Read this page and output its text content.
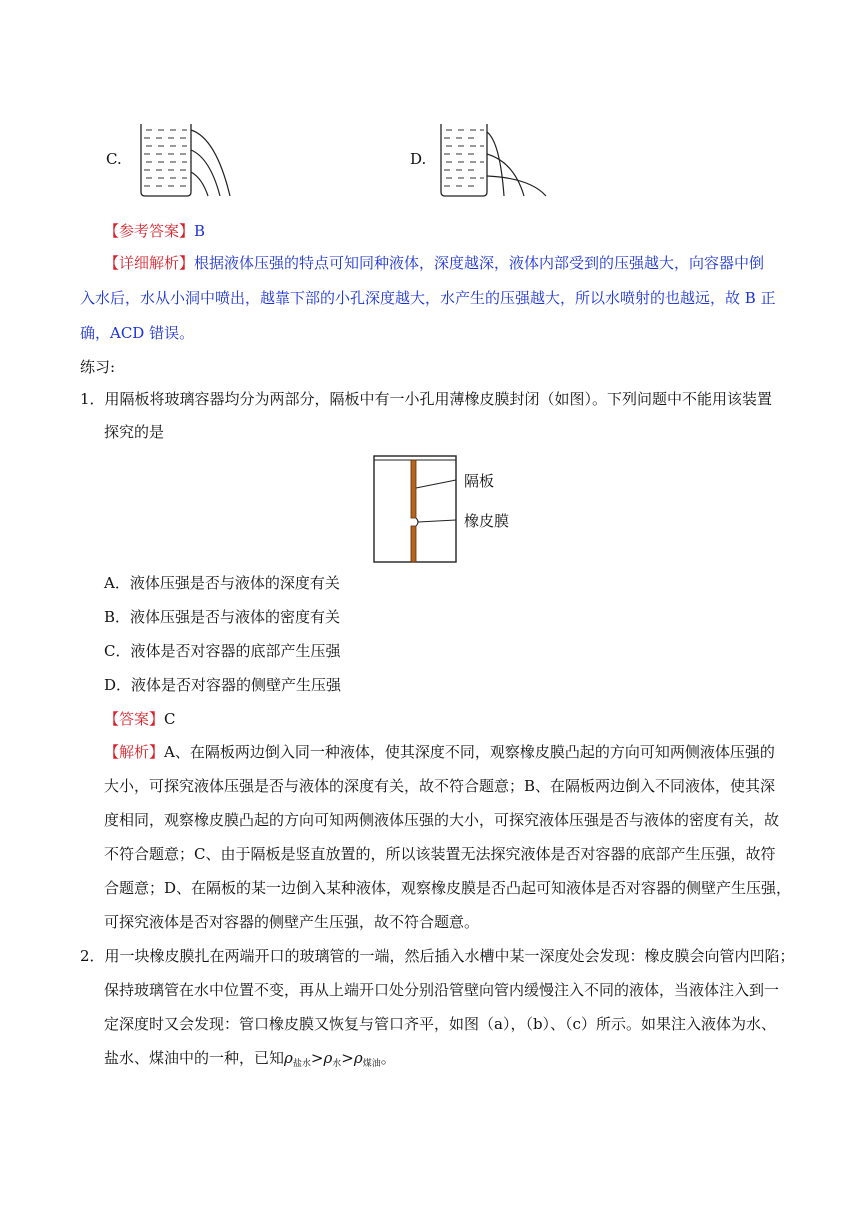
C.	D.
【参考答案】B
【详细解析】根据液体压强的特点可知同种液体，深度越深，液体内部受到的压强越大，向容器中倒
入水后，水从小洞中喷出，越靠下部的小孔深度越大，水产生的压强越大，所以水喷射的也越远，故 B 正
确，ACD 错误。
练习:
1．用隔板将玻璃容器均分为两部分，隔板中有一小孔用薄橡皮膜封闭（如图）。下列问题中不能用该装置
探究的是
隔板
橡皮膜
A．液体压强是否与液体的深度有关
B．液体压强是否与液体的密度有关
C．液体是否对容器的底部产生压强
D．液体是否对容器的侧壁产生压强
【答案】C
【解析】A、在隔板两边倒入同一种液体，使其深度不同，观察橡皮膜凸起的方向可知两侧液体压强的
大小，可探究液体压强是否与液体的深度有关，故不符合题意；B、在隔板两边倒入不同液体，使其深
度相同，观察橡皮膜凸起的方向可知两侧液体压强的大小，可探究液体压强是否与液体的密度有关，故
不符合题意；C、由于隔板是竖直放置的，所以该装置无法探究液体是否对容器的底部产生压强，故符
合题意；D、在隔板的某一边倒入某种液体，观察橡皮膜是否凸起可知液体是否对容器的侧壁产生压强，
可探究液体是否对容器的侧壁产生压强，故不符合题意。
2．用一块橡皮膜扎在两端开口的玻璃管的一端，然后插入水槽中某一深度处会发现：橡皮膜会向管内凹陷；
保持玻璃管在水中位置不变，再从上端开口处分别沿管壁向管内缓慢注入不同的液体，当液体注入到一
定深度时又会发现：管口橡皮膜又恢复与管口齐平，如图（a），（b）、（c）所示。如果注入液体为水、
盐水、煤油中的一种，已知$\rho_{盐水}>\rho_水>\rho_{煤油}$。
